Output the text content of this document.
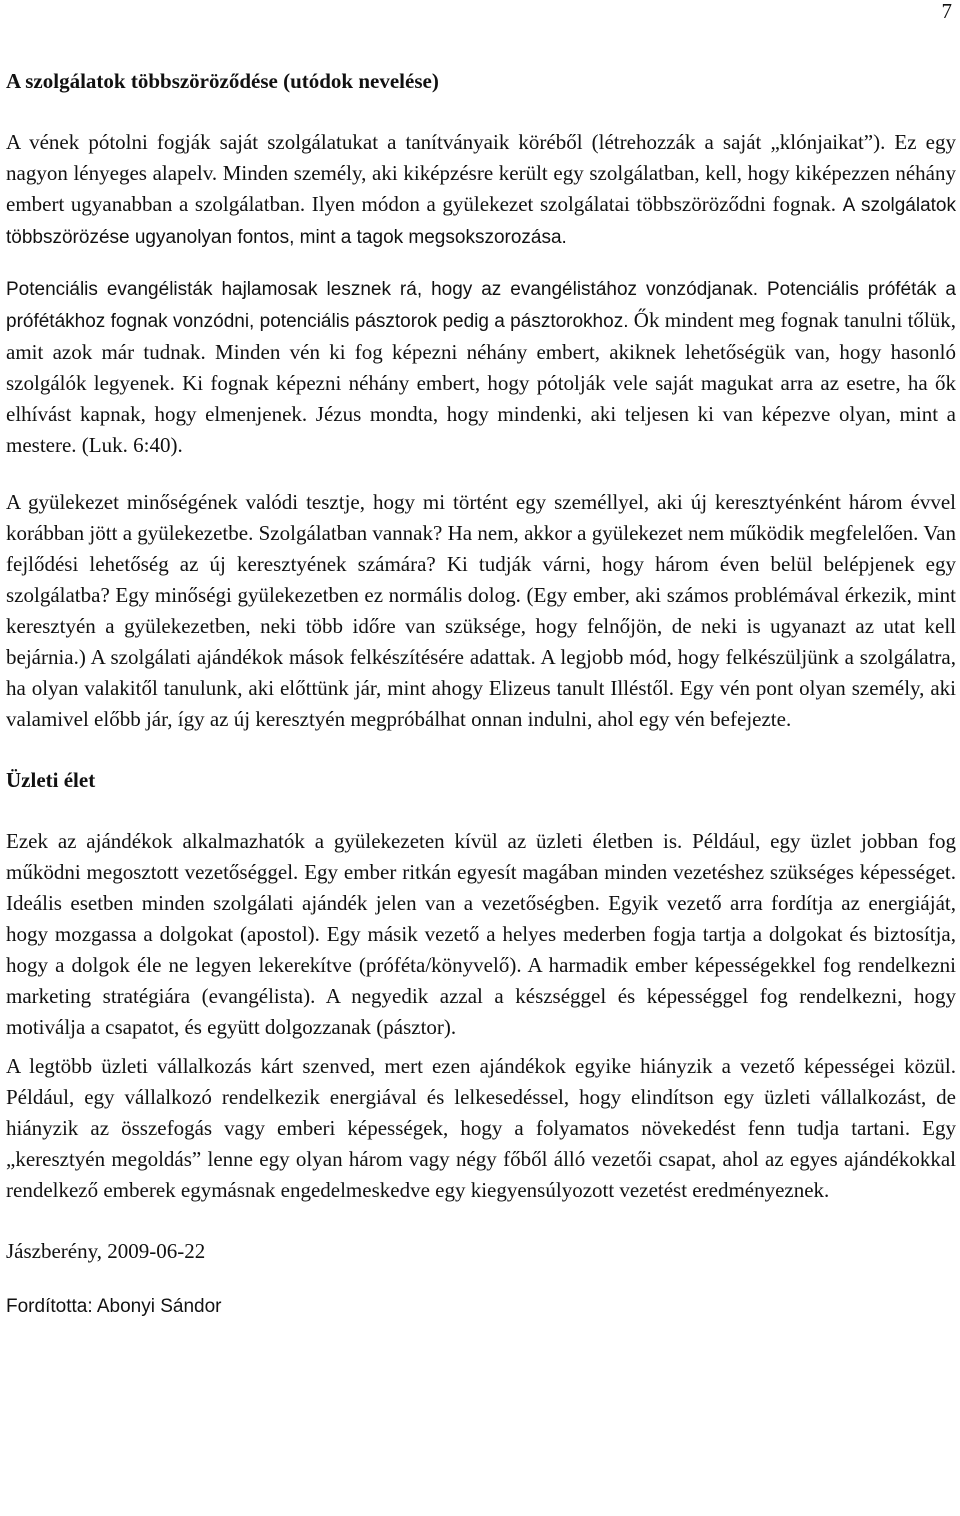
7
A szolgálatok többszöröződése (utódok nevelése)

A vének pótolni fogják saját szolgálatukat a tanítványaik köréből (létrehozzák a saját „klónjaikat”). Ez egy nagyon lényeges alapelv. Minden személy, aki kiképzésre került egy szolgálatban, kell, hogy kiképezzen néhány embert ugyanabban a szolgálatban. Ilyen módon a gyülekezet szolgálatai többszöröződni fognak. A szolgálatok többszörözése ugyanolyan fontos, mint a tagok megsokszorozása.

Potenciális evangélisták hajlamosak lesznek rá, hogy az evangélistához vonzódjanak. Potenciális próféták a prófétákhoz fognak vonzódni, potenciális pásztorok pedig a pásztorokhoz. Ők mindent meg fognak tanulni tőlük, amit azok már tudnak. Minden vén ki fog képezni néhány embert, akiknek lehetőségük van, hogy hasonló szolgálók legyenek. Ki fognak képezni néhány embert, hogy pótolják vele saját magukat arra az esetre, ha ők elhívást kapnak, hogy elmenjenek. Jézus mondta, hogy mindenki, aki teljesen ki van képezve olyan, mint a mestere. (Luk. 6:40).

A gyülekezet minőségének valódi tesztje, hogy mi történt egy személlyel, aki új keresztyénként három évvel korábban jött a gyülekezetbe. Szolgálatban vannak? Ha nem, akkor a gyülekezet nem működik megfelelően. Van fejlődési lehetőség az új keresztyének számára? Ki tudják várni, hogy három éven belül belépjenek egy szolgálatba? Egy minőségi gyülekezetben ez normális dolog. (Egy ember, aki számos problémával érkezik, mint keresztyén a gyülekezetben, neki több időre van szüksége, hogy felnőjön, de neki is ugyanazt az utat kell bejárnia.) A szolgálati ajándékok mások felkészítésére adattak. A legjobb mód, hogy felkészüljünk a szolgálatra, ha olyan valakitől tanulunk, aki előttünk jár, mint ahogy Elizeus tanult Illéstől. Egy vén pont olyan személy, aki valamivel előbb jár, így az új keresztyén megpróbálhat onnan indulni, ahol egy vén befejezte.

Üzleti élet

Ezek az ajándékok alkalmazhatók a gyülekezeten kívül az üzleti életben is. Például, egy üzlet jobban fog működni megosztott vezetőséggel. Egy ember ritkán egyesít magában minden vezetéshez szükséges képességet. Ideális esetben minden szolgálati ajándék jelen van a vezetőségben. Egyik vezető arra fordítja az energiáját, hogy mozgassa a dolgokat (apostol). Egy másik vezető a helyes mederben fogja tartja a dolgokat és biztosítja, hogy a dolgok éle ne legyen lekerekítve (próféta/könyvelő). A harmadik ember képességekkel fog rendelkezni marketing stratégiára (evangélista). A negyedik azzal a készséggel és képességgel fog rendelkezni, hogy motiválja a csapatot, és együtt dolgozzanak (pásztor).

A legtöbb üzleti vállalkozás kárt szenved, mert ezen ajándékok egyike hiányzik a vezető képességei közül. Például, egy vállalkozó rendelkezik energiával és lelkesedéssel, hogy elindítson egy üzleti vállalkozást, de hiányzik az összefogás vagy emberi képességek, hogy a folyamatos növekedést fenn tudja tartani. Egy „keresztyén megoldás” lenne egy olyan három vagy négy főből álló vezetői csapat, ahol az egyes ajándékokkal rendelkező emberek egymásnak engedelmeskedve egy kiegyensúlyozott vezetést eredményeznek.

Jászberény, 2009-06-22

Fordította: Abonyi Sándor
